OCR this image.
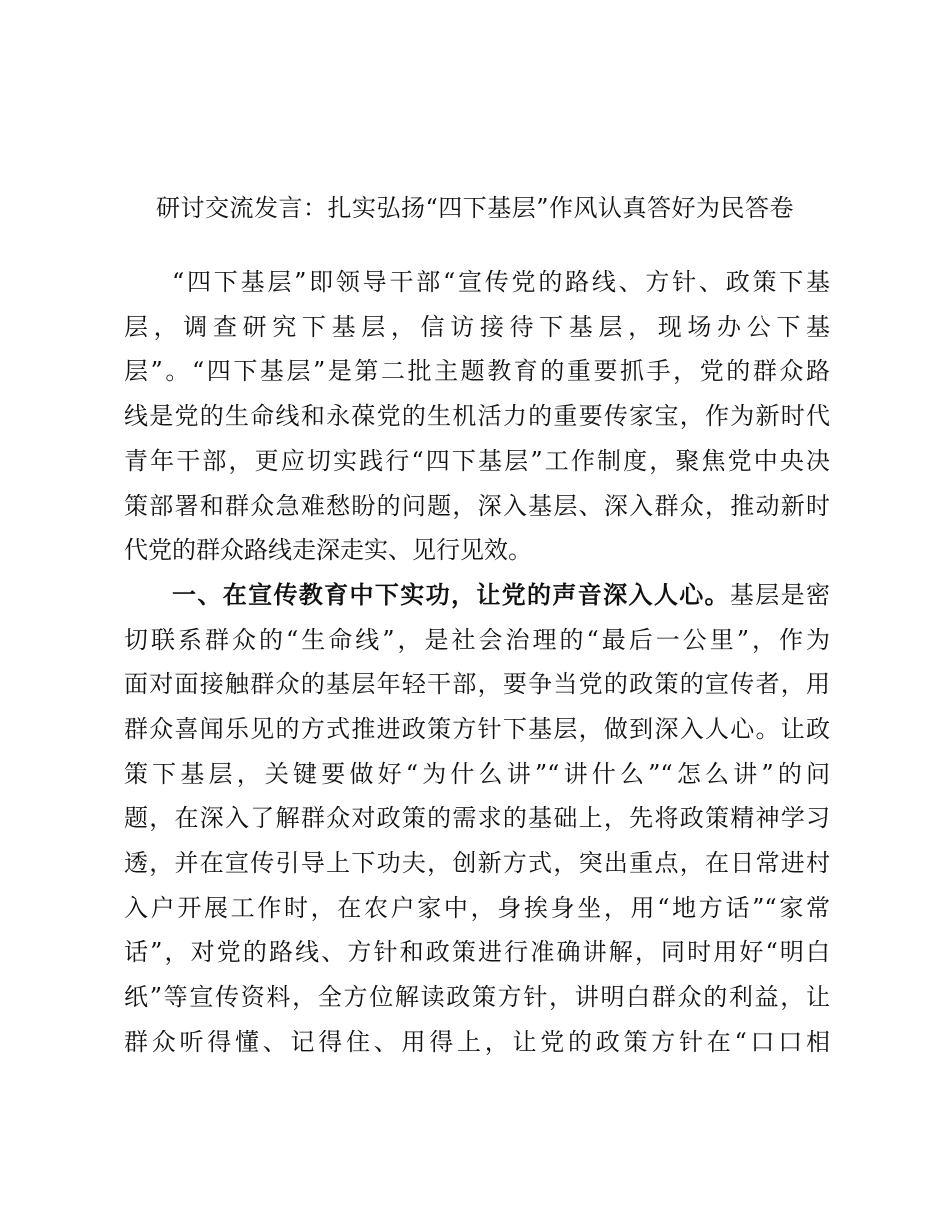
研讨交流发言：扎实弘扬“四下基层”作风认真答好为民答卷

“四下基层”即领导干部“宣传党的路线、方针、政策下基

层，调查研究下基层，信访接待下基层，现场办公下基

层”。“四下基层”是第二批主题教育的重要抓手，党的群众路

线是党的生命线和永葆党的生机活力的重要传家宝，作为新时代

青年干部，更应切实践行“四下基层”工作制度，聚焦党中央决

策部署和群众急难愁盼的问题，深入基层、深入群众，推动新时

代党的群众路线走深走实、见行见效。

一、在宣传教育中下实功，让党的声音深入人心。基层是密

切联系群众的“生命线”，是社会治理的“最后一公里”，作为

面对面接触群众的基层年轻干部，要争当党的政策的宣传者，用

群众喜闻乐见的方式推进政策方针下基层，做到深入人心。让政

策下基层，关键要做好“为什么讲”“讲什么”“怎么讲”的问

题，在深入了解群众对政策的需求的基础上，先将政策精神学习

透，并在宣传引导上下功夫，创新方式，突出重点，在日常进村

入户开展工作时，在农户家中，身挨身坐，用“地方话”“家常

话”，对党的路线、方针和政策进行准确讲解，同时用好“明白

纸”等宣传资料，全方位解读政策方针，讲明白群众的利益，让

群众听得懂、记得住、用得上，让党的政策方针在“口口相
